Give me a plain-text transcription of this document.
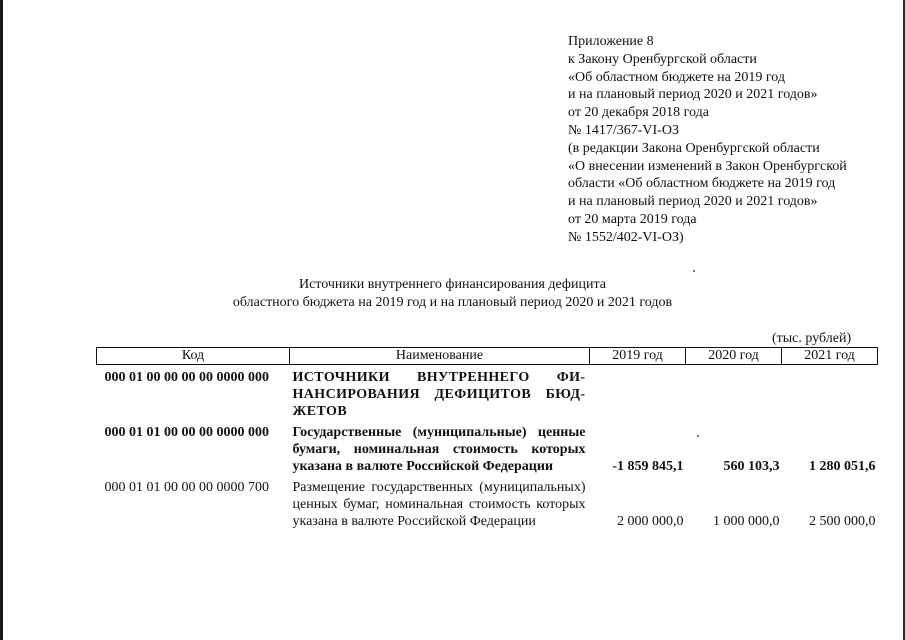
Приложение 8
к Закону Оренбургской области
«Об областном бюджете на 2019 год
и на плановый период 2020 и 2021 годов»
от 20 декабря 2018 года
№ 1417/367-VI-ОЗ
(в редакции Закона Оренбургской области
«О внесении изменений в Закон Оренбургской
области «Об областном бюджете на 2019 год
и на плановый период 2020 и 2021 годов»
от 20 марта 2019 года
№ 1552/402-VI-ОЗ)
Источники внутреннего финансирования дефицита
областного бюджета на 2019 год и на плановый период 2020 и 2021 годов
(тыс. рублей)
Код	Наименование	2019 год	2020 год	2021 год

000 01 00 00 00 00 0000 000	ИСТОЧНИКИ ВНУТРЕННЕГО ФИ-НАНСИРОВАНИЯ ДЕФИЦИТОВ БЮД-ЖЕТОВ			

000 01 01 00 00 00 0000 000	Государственные (муниципальные) ценные бумаги, номинальная стоимость которых указана в валюте Российской Федерации	-1 859 845,1	560 103,3	1 280 051,6

000 01 01 00 00 00 0000 700	Размещение государственных (муниципальных) ценных бумаг, номинальная стоимость которых указана в валюте Российской Федерации	2 000 000,0	1 000 000,0	2 500 000,0
